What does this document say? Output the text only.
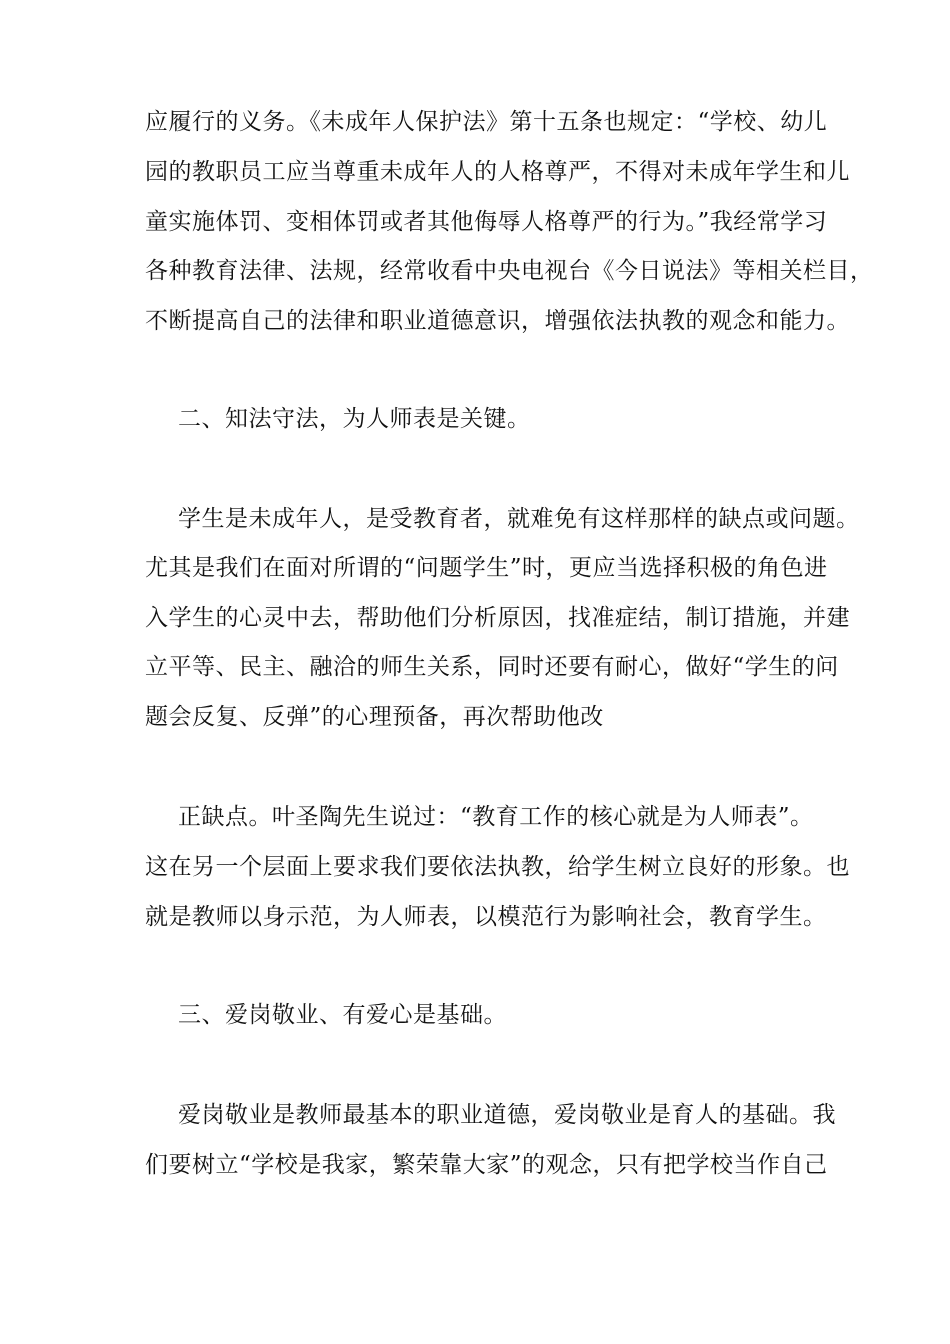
应履行的义务。《未成年人保护法》第十五条也规定：“学校、幼儿
园的教职员工应当尊重未成年人的人格尊严，不得对未成年学生和儿
童实施体罚、变相体罚或者其他侮辱人格尊严的行为。”我经常学习
各种教育法律、法规，经常收看中央电视台《今日说法》等相关栏目，
不断提高自己的法律和职业道德意识，增强依法执教的观念和能力。
二、知法守法，为人师表是关键。
学生是未成年人，是受教育者，就难免有这样那样的缺点或问题。
尤其是我们在面对所谓的“问题学生”时，更应当选择积极的角色进
入学生的心灵中去，帮助他们分析原因，找准症结，制订措施，并建
立平等、民主、融洽的师生关系，同时还要有耐心，做好“学生的问
题会反复、反弹”的心理预备，再次帮助他改
正缺点。叶圣陶先生说过：“教育工作的核心就是为人师表”。
这在另一个层面上要求我们要依法执教，给学生树立良好的形象。也
就是教师以身示范，为人师表，以模范行为影响社会，教育学生。
三、爱岗敬业、有爱心是基础。
爱岗敬业是教师最基本的职业道德，爱岗敬业是育人的基础。我
们要树立“学校是我家，繁荣靠大家”的观念，只有把学校当作自己
